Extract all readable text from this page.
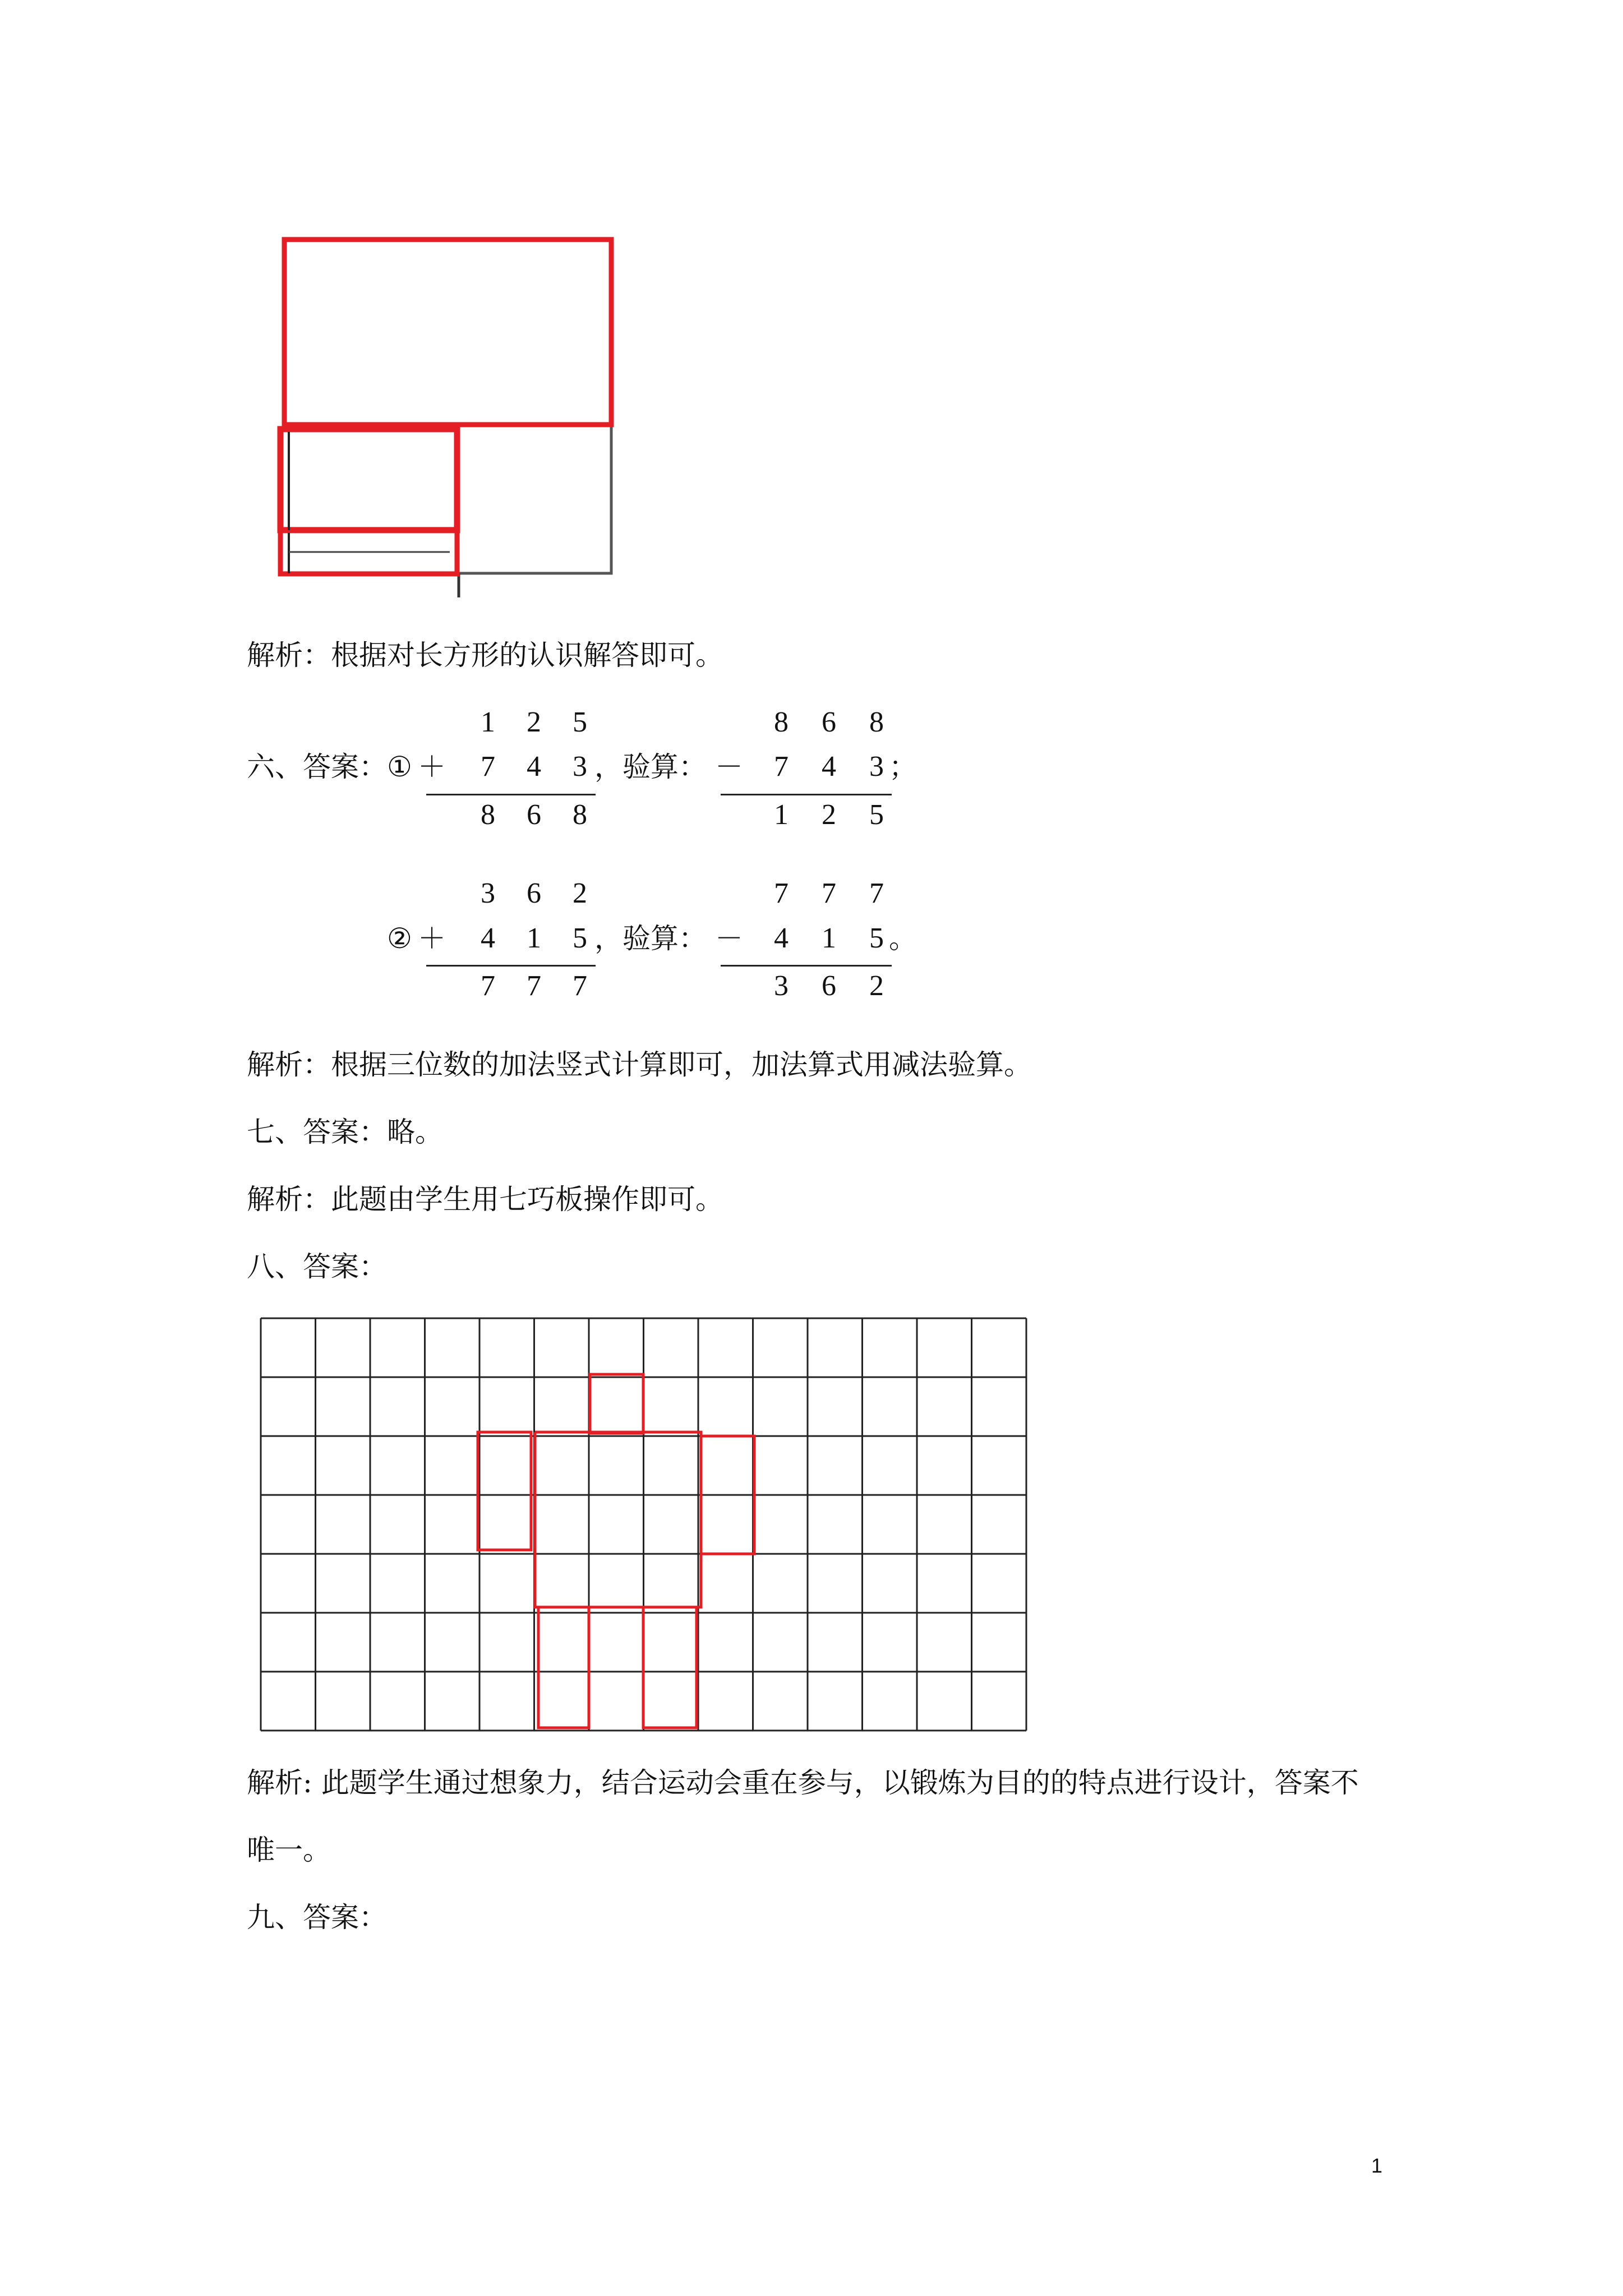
解析：根据对长方形的认识解答即可。
六、答案： ① ＋
1	2	5
7	4	3
8	6	8
，验算： －
8	6	8
7	4	3
1	2	5
；
② ＋
3	6	2
4	1	5
7	7	7
，验算： －
7	7	7
4	1	5
3	6	2
。
解析：根据三位数的加法竖式计算即可，加法算式用减法验算。
七、答案：略。
解析：此题由学生用七巧板操作即可。
八、答案：
解析: 此题学生通过想象力，结合运动会重在参与，以锻炼为目的的特点进行设计，答案不
唯一。
九、答案：
1
